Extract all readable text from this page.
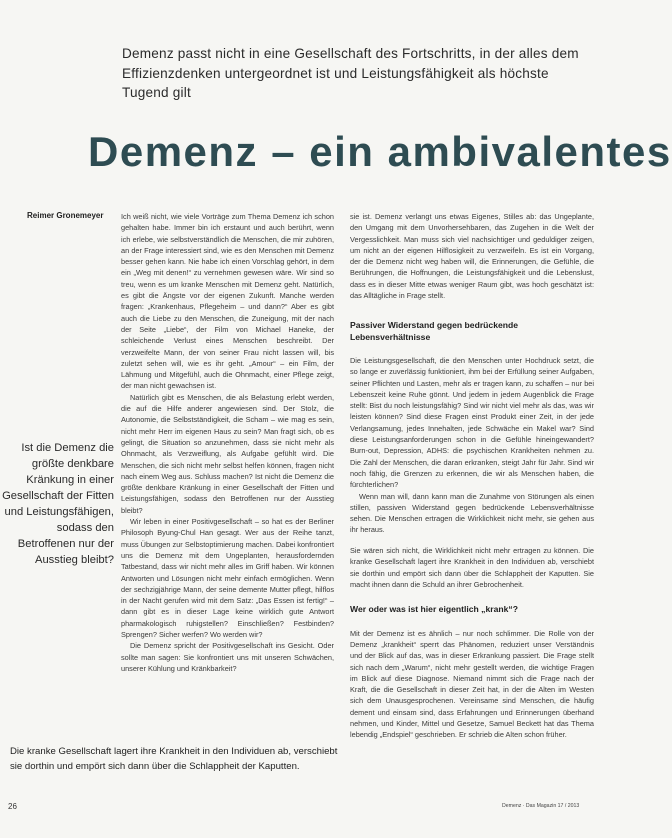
Demenz passt nicht in eine Gesellschaft des Fortschritts, in der alles dem Effizienzdenken untergeordnet ist und Leistungsfähigkeit als höchste Tugend gilt
Demenz – ein ambivalentes
Reimer Gronemeyer	Ich weiß nicht, wie viele Vorträge zum Thema Demenz ich schon gehalten habe. Immer bin ich erstaunt und auch berührt, wenn ich erlebe, wie selbstverständlich die Menschen, die mir zuhören, an der Frage interessiert sind, wie es den Menschen mit Demenz besser gehen kann. Nie habe ich einen Vorschlag gehört, in dem ein „Weg mit denen!“ zu vernehmen gewesen wäre. Wir sind so treu, wenn es um kranke Menschen mit Demenz geht. Natürlich, es gibt die Ängste vor der eigenen Zukunft. Manche werden fragen: „Krankenhaus, Pflegeheim – und dann?“ Aber es gibt auch die Liebe zu den Menschen, die Zuneigung, mit der nach der Seite „Liebe“, der Film von Michael Haneke, der schleichende Verlust eines Menschen beschreibt. Der verzweifelte Mann, der von seiner Frau nicht lassen will, bis zuletzt sehen will, wie es ihr geht. „Amour“ – ein Film, der Lähmung und Mitgefühl, auch die Ohnmacht, einer Pflege zeigt, der man nicht gewachsen ist.

Natürlich gibt es Menschen, die als Belastung erlebt werden, die auf die Hilfe anderer angewiesen sind. Der Stolz, die Autonomie, die Selbstständigkeit, die Scham – wie mag es sein, nicht mehr Herr im eigenen Haus zu sein? Man fragt sich, ob es gelingt, die Situation so anzunehmen, dass sie nicht mehr als Ohnmacht, als Verzweiflung, als Aufgabe gefühlt wird. Die Menschen, die sich nicht mehr selbst helfen können, fragen nicht nach einem Weg aus. Schluss machen? Ist nicht die Demenz die größte denkbare Kränkung in einer Gesellschaft der Fitten und Leistungsfähigen, sodass den Betroffenen nur der Ausstieg bleibt?

Wir leben in einer Positivgesellschaft – so hat es der Berliner Philosoph Byung-Chul Han gesagt. Wer aus der Reihe tanzt, muss Übungen zur Selbstoptimierung machen. Dabei konfrontiert uns die Demenz mit dem Ungeplanten, herausfordernden Tatbestand, dass wir nicht mehr alles im Griff haben. Wir können Antworten und Lösungen nicht mehr einfach ermöglichen. Wenn der sechzigjährige Mann, der seine demente Mutter pflegt, hilflos in der Nacht gerufen wird mit dem Satz: „Das Essen ist fertig!“ – dann gibt es in dieser Lage keine wirklich gute Antwort pharmakologisch ruhigstellen? Einschließen? Festbinden? Sprengen? Sicher werfen? Wo werden wir?

Die Demenz spricht der Positivgesellschaft ins Gesicht. Oder sollte man sagen: Sie konfrontiert uns mit unseren Schwächen, unserer Kühlung und Kränkbarkeit?

sie ist. Demenz verlangt uns etwas Eigenes, Stilles ab: das Ungeplante, den Umgang mit dem Unvorhersehbaren, das Zugehen in die Welt der Vergesslichkeit. Man muss sich viel nachsichtiger und geduldiger zeigen, um nicht an der eigenen Hilflosigkeit zu verzweifeln. Es ist ein Vorgang, der die Demenz nicht weg haben will, die Erinnerungen, die Gefühle, die Berührungen, die Hoffnungen, die Leistungsfähigkeit und die Lebenslust, dass es in dieser Mitte etwas weniger Raum gibt, was hoch geschätzt ist: das Alltägliche in Frage stellt.

Passiver Widerstand gegen bedrückende Lebensverhältnisse

Die Leistungsgesellschaft, die den Menschen unter Hochdruck setzt, die so lange er zuverlässig funktioniert, ihm bei der Erfüllung seiner Aufgaben, seiner Pflichten und Lasten, mehr als er tragen kann, zu schaffen – nur bei Lebenszeit keine Ruhe gönnt. Und jedem in jedem Augenblick die Frage stellt: Bist du noch leistungsfähig? Sind wir nicht viel mehr als das, was wir leisten können? Sind diese Fragen einst Produkt einer Zeit, in der jede Verlangsamung, jedes Innehalten, jede Schwäche ein Makel war? Sind diese Leistungsanforderungen schon in die Gefühle hineingewandert? Burn-out, Depression, ADHS: die psychischen Krankheiten nehmen zu. Die Zahl der Menschen, die daran erkranken, steigt Jahr für Jahr. Sind wir noch fähig, die Grenzen zu erkennen, die wir als Menschen haben, die fürchterlichen?

Wenn man will, dann kann man die Zunahme von Störungen als einen stillen, passiven Widerstand gegen bedrückende Lebensverhältnisse sehen. Die Menschen ertragen die Wirklichkeit nicht mehr, sie gehen aus ihr heraus.

Sie wären sich nicht, die Wirklichkeit nicht mehr ertragen zu können. Die kranke Gesellschaft lagert ihre Krankheit in den Individuen ab, verschiebt sie dorthin und empört sich dann über die Schlappheit der Kaputten. Sie macht ihnen dann die Schuld an ihrer Gebrochenheit.

Wer oder was ist hier eigentlich „krank“?

Mit der Demenz ist es ähnlich – nur noch schlimmer. Die Rolle von der Demenz „krankheit“ sperrt das Phänomen, reduziert unser Verständnis und der Blick auf das, was in dieser Erkrankung passiert. Die Frage stellt sich nach dem „Warum“, nicht mehr gestellt werden, die wichtige Fragen im Blick auf diese Diagnose. Niemand nimmt sich die Frage nach der Kraft, die die Gesellschaft in dieser Zeit hat, in der die Alten im Westen sich dem Unausgesprochenen. Vereinsame sind Menschen, die häufig dement und einsam sind, dass Erfahrungen und Erinnerungen überhand nehmen, und Kinder, Mittel und Gesetze, Samuel Beckett hat das Thema lebendig „Endspiel“ geschrieben. Er schrieb die Alten schon früher.

Ist die Demenz die
größte denkbare
Kränkung in einer
Gesellschaft der Fitten
und Leistungsfähigen,
sodass den
Betroffenen nur der
Ausstieg bleibt?
Die kranke Gesellschaft lagert ihre Krankheit in den Individuen ab, verschiebt sie dorthin und empört sich dann über die Schlappheit der Kaputten.
26	Demenz · Das Magazin 17 / 2013
